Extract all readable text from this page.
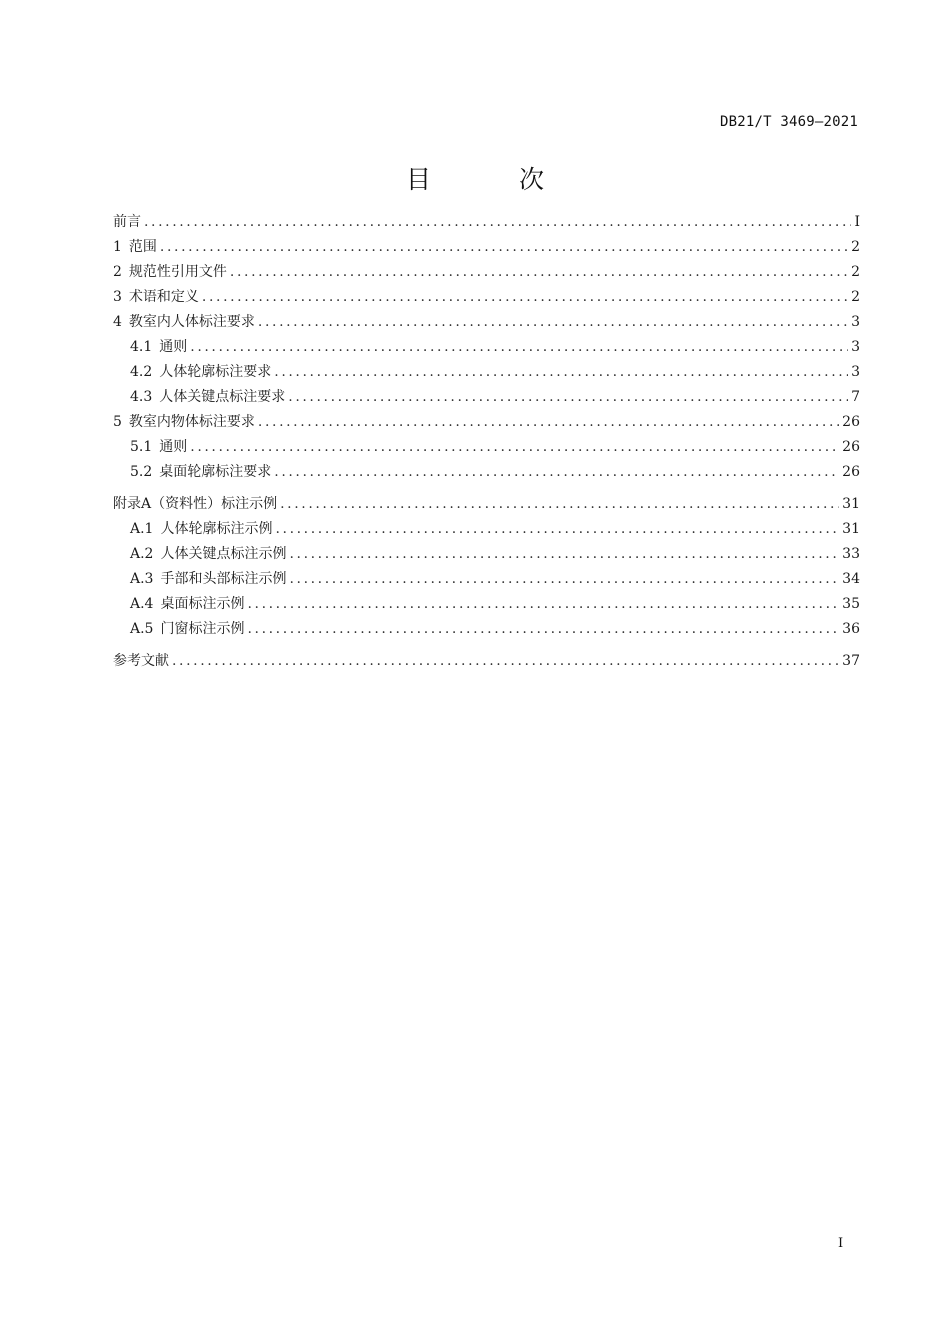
DB21/T 3469—2021
目 次
前言 .....	I
1 范围 .....	2
2 规范性引用文件 .....	2
3 术语和定义 .....	2
4 教室内人体标注要求 .....	3
4.1 通则 .....	3
4.2 人体轮廓标注要求 .....	3
4.3 人体关键点标注要求 .....	7
5 教室内物体标注要求 .....	26
5.1 通则 .....	26
5.2 桌面轮廓标注要求 .....	26
附录A（资料性）标注示例 .....	31
A.1 人体轮廓标注示例 .....	31
A.2 人体关键点标注示例 .....	33
A.3 手部和头部标注示例 .....	34
A.4 桌面标注示例 .....	35
A.5 门窗标注示例 .....	36
参考文献 .....	37
I
